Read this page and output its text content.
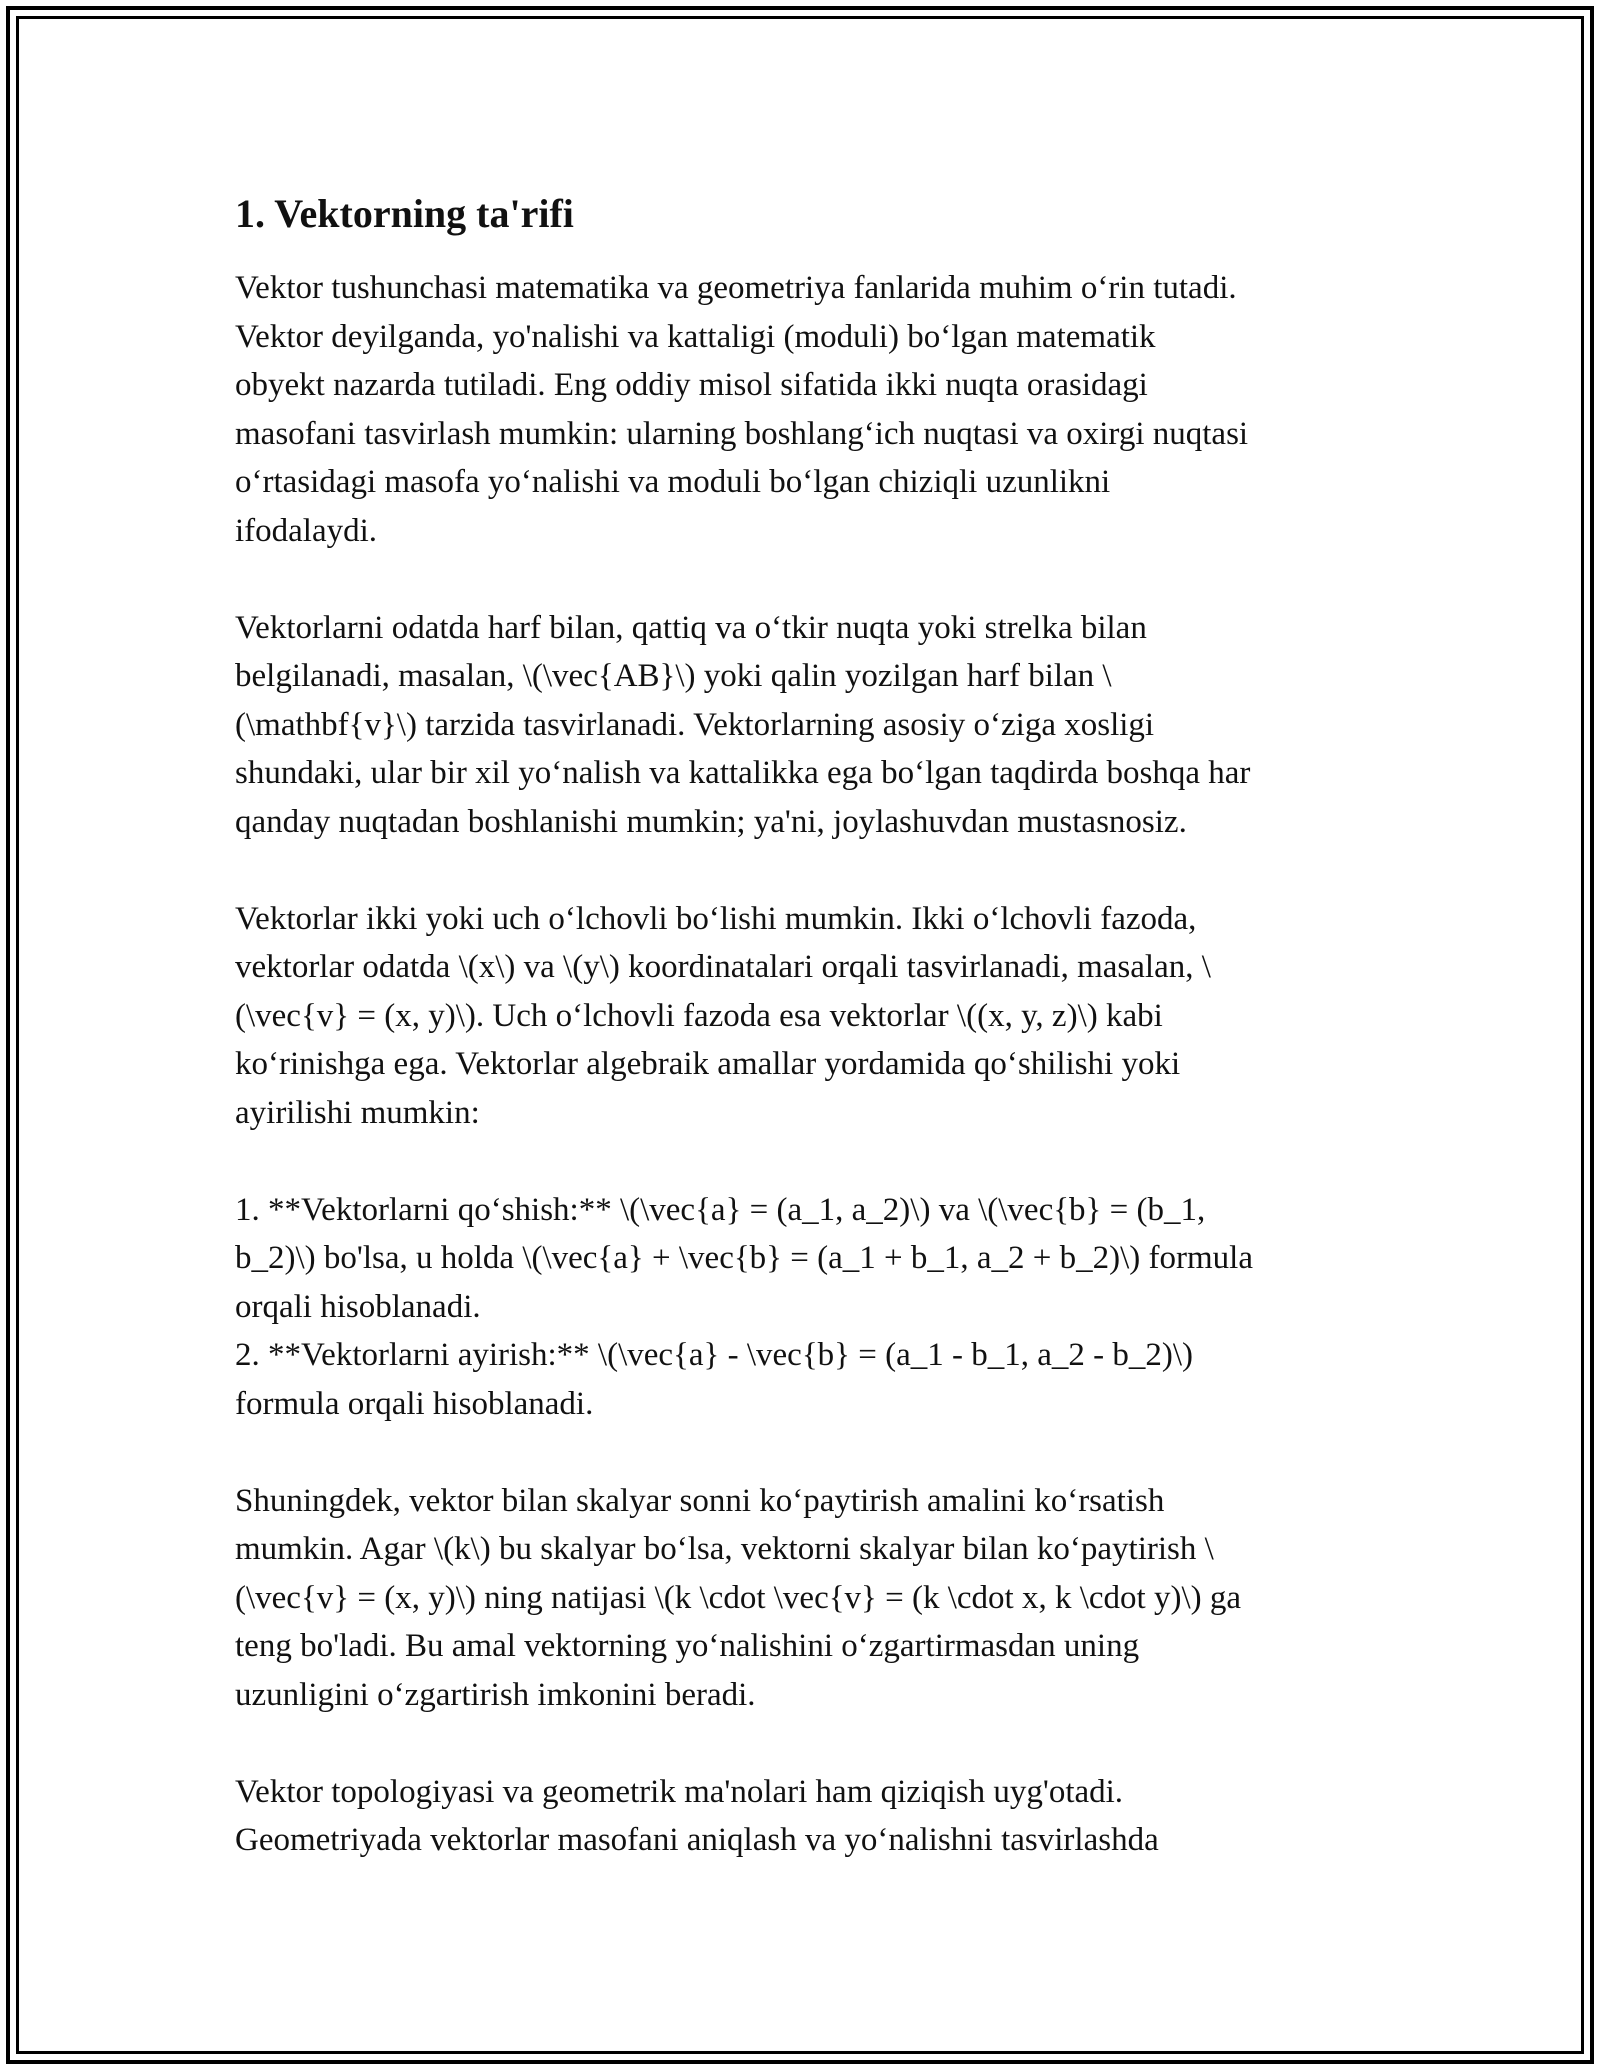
1. Vektorning ta'rifi
Vektor tushunchasi matematika va geometriya fanlarida muhim o‘rin tutadi.
Vektor deyilganda, yo'nalishi va kattaligi (moduli) bo‘lgan matematik
obyekt nazarda tutiladi. Eng oddiy misol sifatida ikki nuqta orasidagi
masofani tasvirlash mumkin: ularning boshlang‘ich nuqtasi va oxirgi nuqtasi
o‘rtasidagi masofa yo‘nalishi va moduli bo‘lgan chiziqli uzunlikni
ifodalaydi.
Vektorlarni odatda harf bilan, qattiq va o‘tkir nuqta yoki strelka bilan
belgilanadi, masalan, \(\vec{AB}\) yoki qalin yozilgan harf bilan \
(\mathbf{v}\) tarzida tasvirlanadi. Vektorlarning asosiy o‘ziga xosligi
shundaki, ular bir xil yo‘nalish va kattalikka ega bo‘lgan taqdirda boshqa har
qanday nuqtadan boshlanishi mumkin; ya'ni, joylashuvdan mustasnosiz.
Vektorlar ikki yoki uch o‘lchovli bo‘lishi mumkin. Ikki o‘lchovli fazoda,
vektorlar odatda \(x\) va \(y\) koordinatalari orqali tasvirlanadi, masalan, \
(\vec{v} = (x, y)\). Uch o‘lchovli fazoda esa vektorlar \((x, y, z)\) kabi
ko‘rinishga ega. Vektorlar algebraik amallar yordamida qo‘shilishi yoki
ayirilishi mumkin:
1. **Vektorlarni qo‘shish:** \(\vec{a} = (a_1, a_2)\) va \(\vec{b} = (b_1,
b_2)\) bo'lsa, u holda \(\vec{a} + \vec{b} = (a_1 + b_1, a_2 + b_2)\) formula
orqali hisoblanadi.
2. **Vektorlarni ayirish:** \(\vec{a} - \vec{b} = (a_1 - b_1, a_2 - b_2)\)
formula orqali hisoblanadi.
Shuningdek, vektor bilan skalyar sonni ko‘paytirish amalini ko‘rsatish
mumkin. Agar \(k\) bu skalyar bo‘lsa, vektorni skalyar bilan ko‘paytirish \
(\vec{v} = (x, y)\) ning natijasi \(k \cdot \vec{v} = (k \cdot x, k \cdot y)\) ga
teng bo'ladi. Bu amal vektorning yo‘nalishini o‘zgartirmasdan uning
uzunligini o‘zgartirish imkonini beradi.
Vektor topologiyasi va geometrik ma'nolari ham qiziqish uyg'otadi.
Geometriyada vektorlar masofani aniqlash va yo‘nalishni tasvirlashda
